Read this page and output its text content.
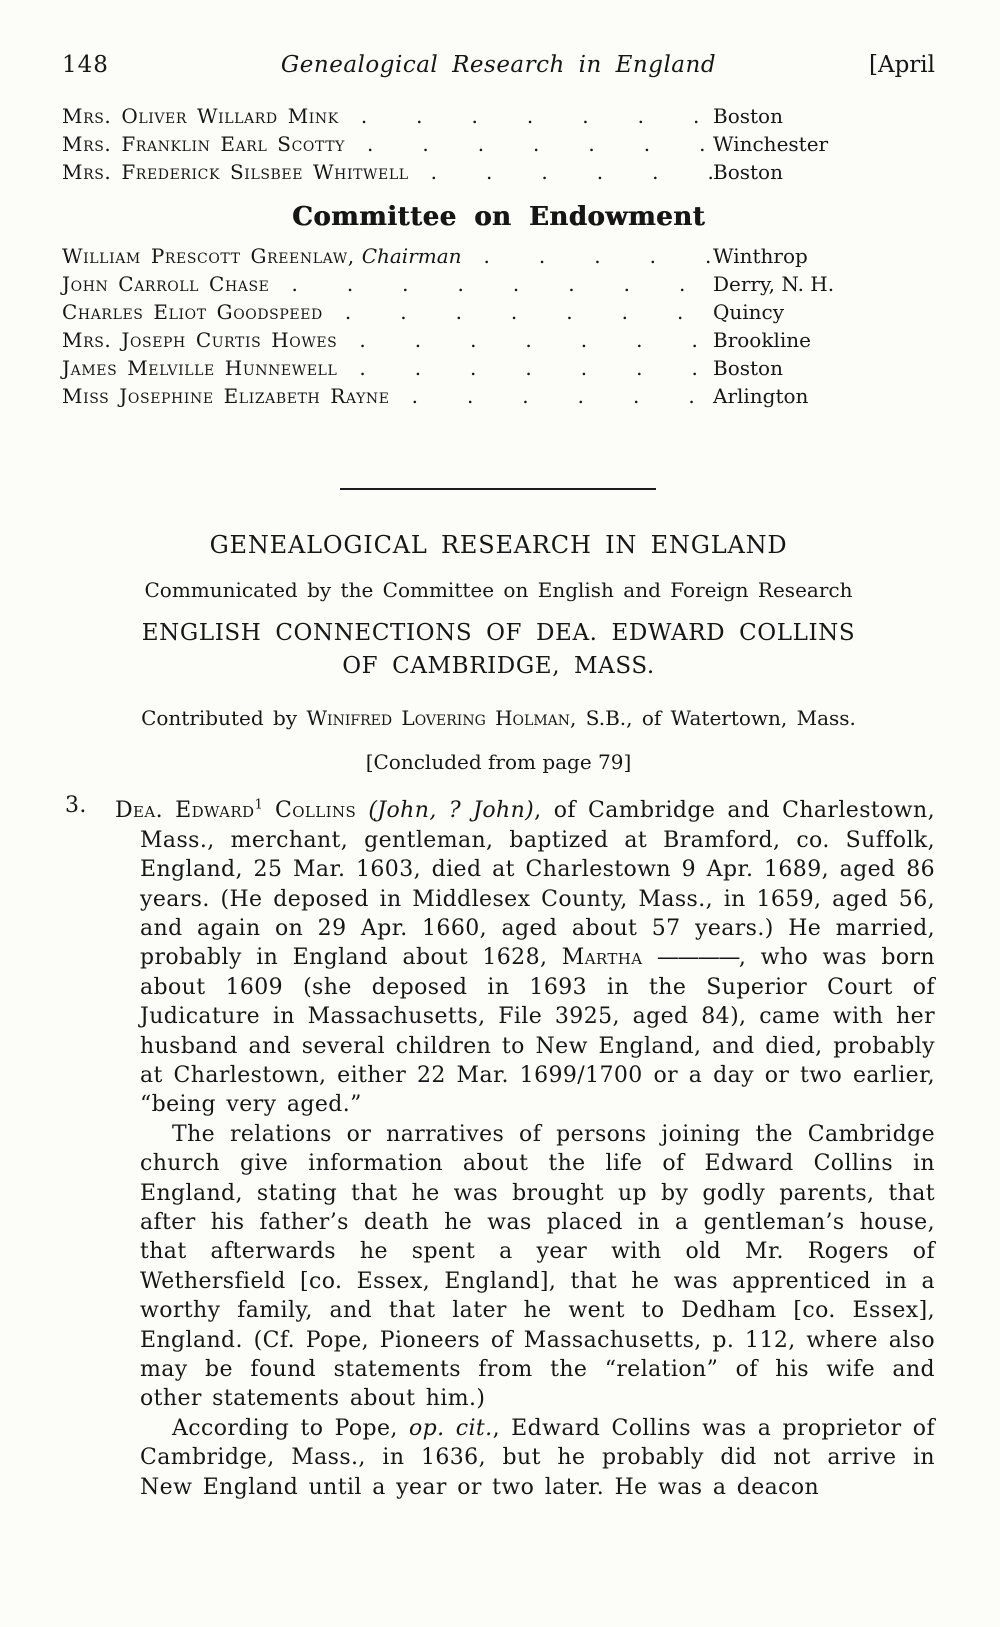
148	Genealogical Research in England	[April
Mrs. Oliver Willard Mink .....	Boston
Mrs. Franklin Earl Scotty .....	Winchester
Mrs. Frederick Silsbee Whitwell .....	Boston
Committee on Endowment
William Prescott Greenlaw, Chairman .....	Winthrop
John Carroll Chase .....	Derry, N. H.
Charles Eliot Goodspeed .....	Quincy
Mrs. Joseph Curtis Howes .....	Brookline
James Melville Hunnewell .....	Boston
Miss Josephine Elizabeth Rayne .....	Arlington
GENEALOGICAL RESEARCH IN ENGLAND

Communicated by the Committee on English and Foreign Research

ENGLISH CONNECTIONS OF DEA. EDWARD COLLINS
OF CAMBRIDGE, MASS.

Contributed by Winifred Lovering Holman, S.B., of Watertown, Mass.

[Concluded from page 79]

3. Dea. Edward$^1$ Collins (John, ? John), of Cambridge and Charlestown, Mass., merchant, gentleman, baptized at Bramford, co. Suffolk, England, 25 Mar. 1603, died at Charlestown 9 Apr. 1689, aged 86 years. (He deposed in Middlesex County, Mass., in 1659, aged 56, and again on 29 Apr. 1660, aged about 57 years.) He married, probably in England about 1628, Martha ————, who was born about 1609 (she deposed in 1693 in the Superior Court of Judicature in Massachusetts, File 3925, aged 84), came with her husband and several children to New England, and died, probably at Charlestown, either 22 Mar. 1699/1700 or a day or two earlier, “being very aged.”

The relations or narratives of persons joining the Cambridge church give information about the life of Edward Collins in England, stating that he was brought up by godly parents, that after his father’s death he was placed in a gentleman’s house, that afterwards he spent a year with old Mr. Rogers of Wethersfield [co. Essex, England], that he was apprenticed in a worthy family, and that later he went to Dedham [co. Essex], England. (Cf. Pope, Pioneers of Massachusetts, p. 112, where also may be found statements from the “relation” of his wife and other statements about him.)

According to Pope, op. cit., Edward Collins was a proprietor of Cambridge, Mass., in 1636, but he probably did not arrive in New England until a year or two later. He was a deacon
